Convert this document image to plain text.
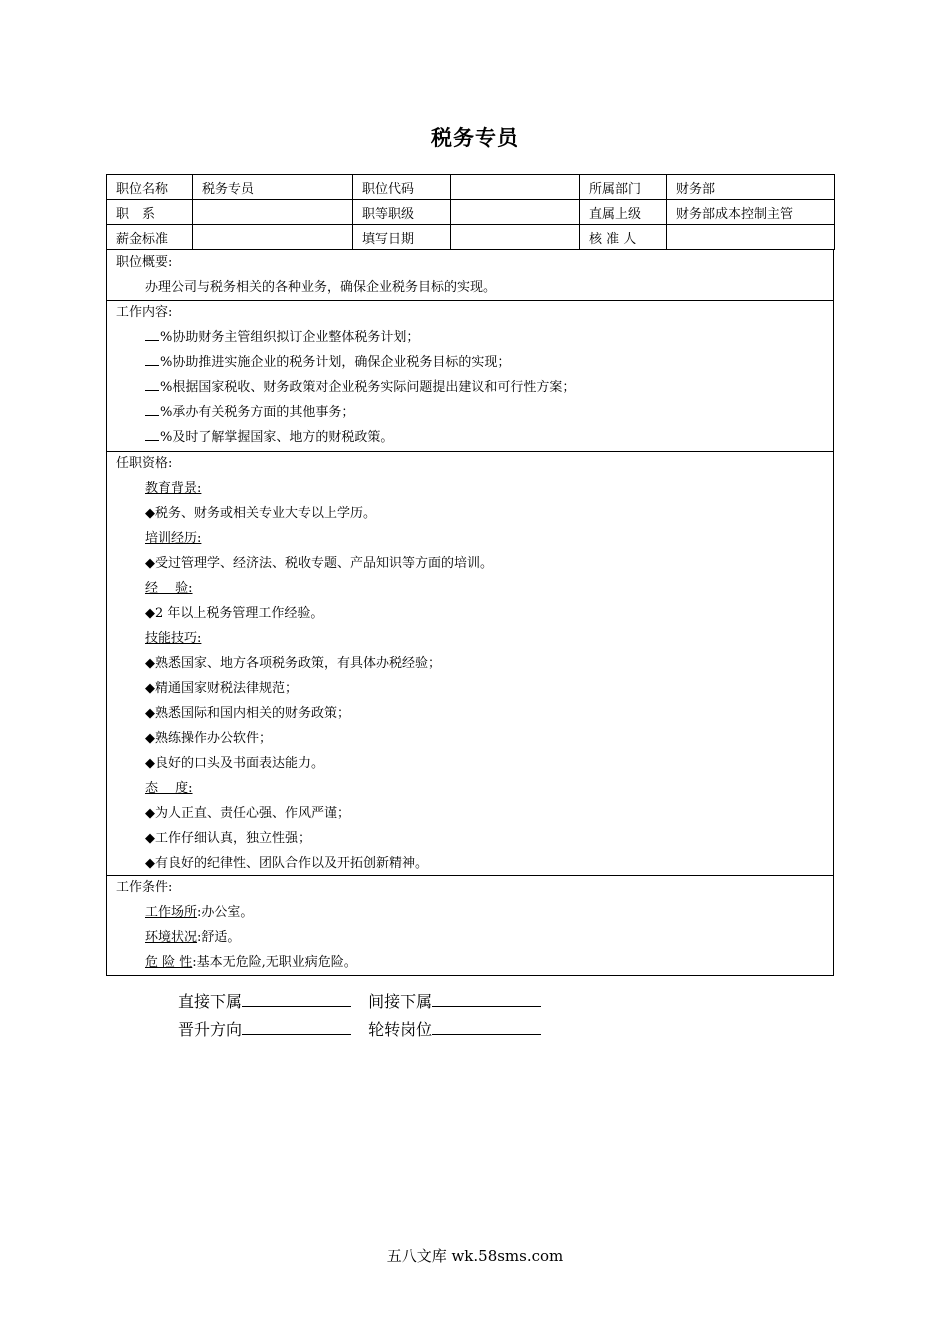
税务专员
职位名称	税务专员	职位代码		所属部门	财务部
职　系		职等职级		直属上级	财务部成本控制主管
薪金标准		填写日期		核 准 人	
职位概要:
办理公司与税务相关的各种业务，确保企业税务目标的实现。
工作内容:
%协助财务主管组织拟订企业整体税务计划；
%协助推进实施企业的税务计划，确保企业税务目标的实现；
%根据国家税收、财务政策对企业税务实际问题提出建议和可行性方案；
%承办有关税务方面的其他事务；
%及时了解掌握国家、地方的财税政策。
任职资格:
教育背景:
◆税务、财务或相关专业大专以上学历。
培训经历:
◆受过管理学、经济法、税收专题、产品知识等方面的培训。
经　 验:
◆2 年以上税务管理工作经验。
技能技巧:
◆熟悉国家、地方各项税务政策，有具体办税经验；
◆精通国家财税法律规范；
◆熟悉国际和国内相关的财务政策；
◆熟练操作办公软件；
◆良好的口头及书面表达能力。
态　 度:
◆为人正直、责任心强、作风严谨；
◆工作仔细认真，独立性强；
◆有良好的纪律性、团队合作以及开拓创新精神。
工作条件:
工作场所:办公室。
环境状况:舒适。
危 险 性:基本无危险,无职业病危险。
直接下属	间接下属
晋升方向	轮转岗位
五八文库 wk.58sms.com
